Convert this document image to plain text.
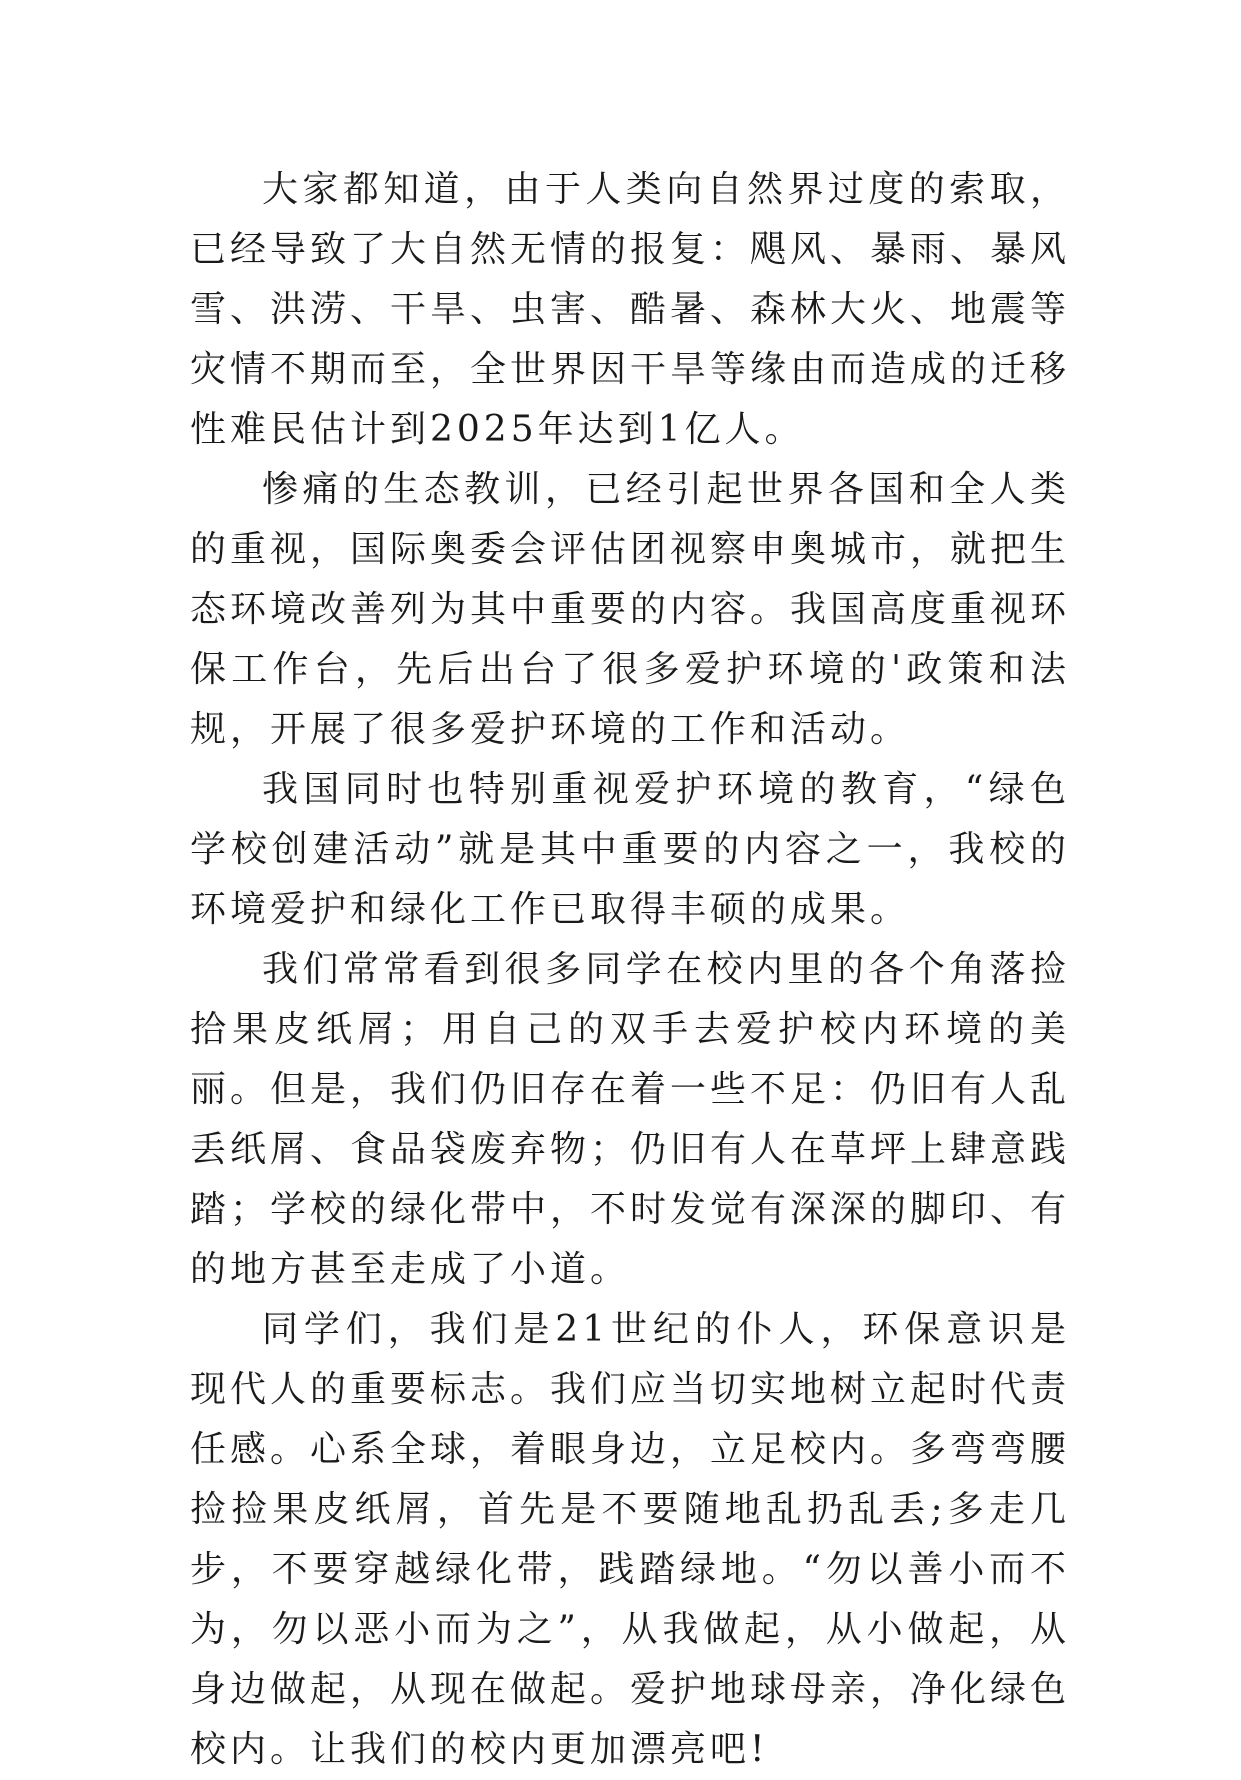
大家都知道，由于人类向自然界过度的索取，已经导致了大自然无情的报复：飓风、暴雨、暴风雪、洪涝、干旱、虫害、酷暑、森林大火、地震等灾情不期而至，全世界因干旱等缘由而造成的迁移性难民估计到2025年达到1亿人。

惨痛的生态教训，已经引起世界各国和全人类的重视，国际奥委会评估团视察申奥城市，就把生态环境改善列为其中重要的内容。我国高度重视环保工作台，先后出台了很多爱护环境的'政策和法规，开展了很多爱护环境的工作和活动。

我国同时也特别重视爱护环境的教育，“绿色学校创建活动”就是其中重要的内容之一，我校的环境爱护和绿化工作已取得丰硕的成果。

我们常常看到很多同学在校内里的各个角落捡拾果皮纸屑；用自己的双手去爱护校内环境的美丽。但是，我们仍旧存在着一些不足：仍旧有人乱丢纸屑、食品袋废弃物；仍旧有人在草坪上肆意践踏；学校的绿化带中，不时发觉有深深的脚印、有的地方甚至走成了小道。

同学们，我们是21世纪的仆人，环保意识是现代人的重要标志。我们应当切实地树立起时代责任感。心系全球，着眼身边，立足校内。多弯弯腰捡捡果皮纸屑，首先是不要随地乱扔乱丢;多走几步，不要穿越绿化带，践踏绿地。“勿以善小而不为，勿以恶小而为之”，从我做起，从小做起，从身边做起，从现在做起。爱护地球母亲，净化绿色校内。让我们的校内更加漂亮吧!
